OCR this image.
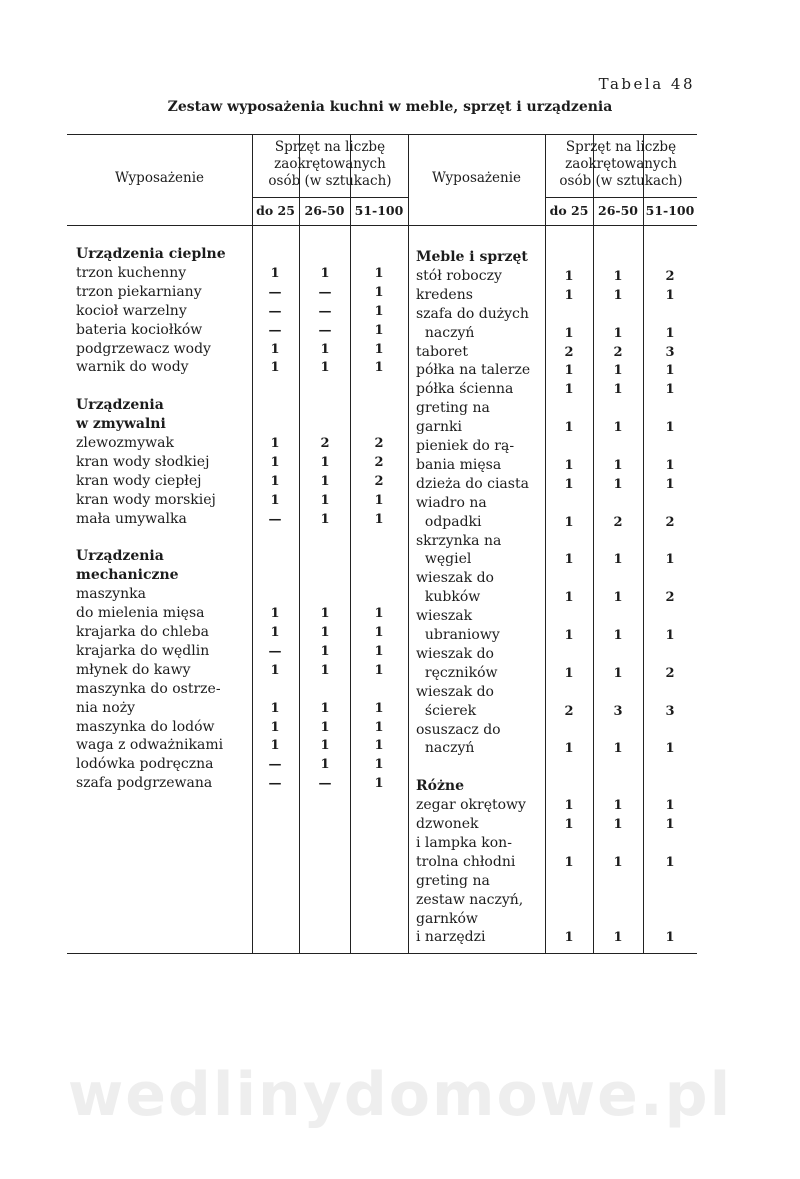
Tabela 48
Zestaw wyposażenia kuchni w meble, sprzęt i urządzenia
Wyposażenie
Sprzęt na liczbę
zaokrętowanych
osób (w sztukach)
do 25 26-50 51-100
Wyposażenie
Sprzęt na liczbę
zaokrętowanych
osób (w sztukach)
do 25 26-50 51-100
Urządzenia cieplne
trzon kuchenny	1	1	1
trzon piekarniany	—	—	1
kocioł warzelny	—	—	1
bateria kociołków	—	—	1
podgrzewacz wody	1	1	1
warnik do wody	1	1	1
Urządzenia
w zmywalni
zlewozmywak	1	2	2
kran wody słodkiej	1	1	2
kran wody ciepłej	1	1	2
kran wody morskiej	1	1	1
mała umywalka	—	1	1
Urządzenia
mechaniczne
maszynka
do mielenia mięsa	1	1	1
krajarka do chleba	1	1	1
krajarka do wędlin	—	1	1
młynek do kawy	1	1	1
maszynka do ostrze-
nia noży	1	1	1
maszynka do lodów	1	1	1
waga z odważnikami	1	1	1
lodówka podręczna	—	1	1
szafa podgrzewana	—	—	1
Meble i sprzęt
stół roboczy	1	1	2
kredens	1	1	1
szafa do dużych
naczyń	1	1	1
taboret	2	2	3
półka na talerze	1	1	1
półka ścienna	1	1	1
greting na
garnki	1	1	1
pieniek do rą-
bania mięsa	1	1	1
dzieża do ciasta	1	1	1
wiadro na
odpadki	1	2	2
skrzynka na
węgiel	1	1	1
wieszak do
kubków	1	1	2
wieszak
ubraniowy	1	1	1
wieszak do
ręczników	1	1	2
wieszak do
ścierek	2	3	3
osuszacz do
naczyń	1	1	1
Różne
zegar okrętowy	1	1	1
dzwonek	1	1	1
i lampka kon-
trolna chłodni	1	1	1
greting na
zestaw naczyń,
garnków
i narzędzi	1	1	1
wedlinydomowe.pl
